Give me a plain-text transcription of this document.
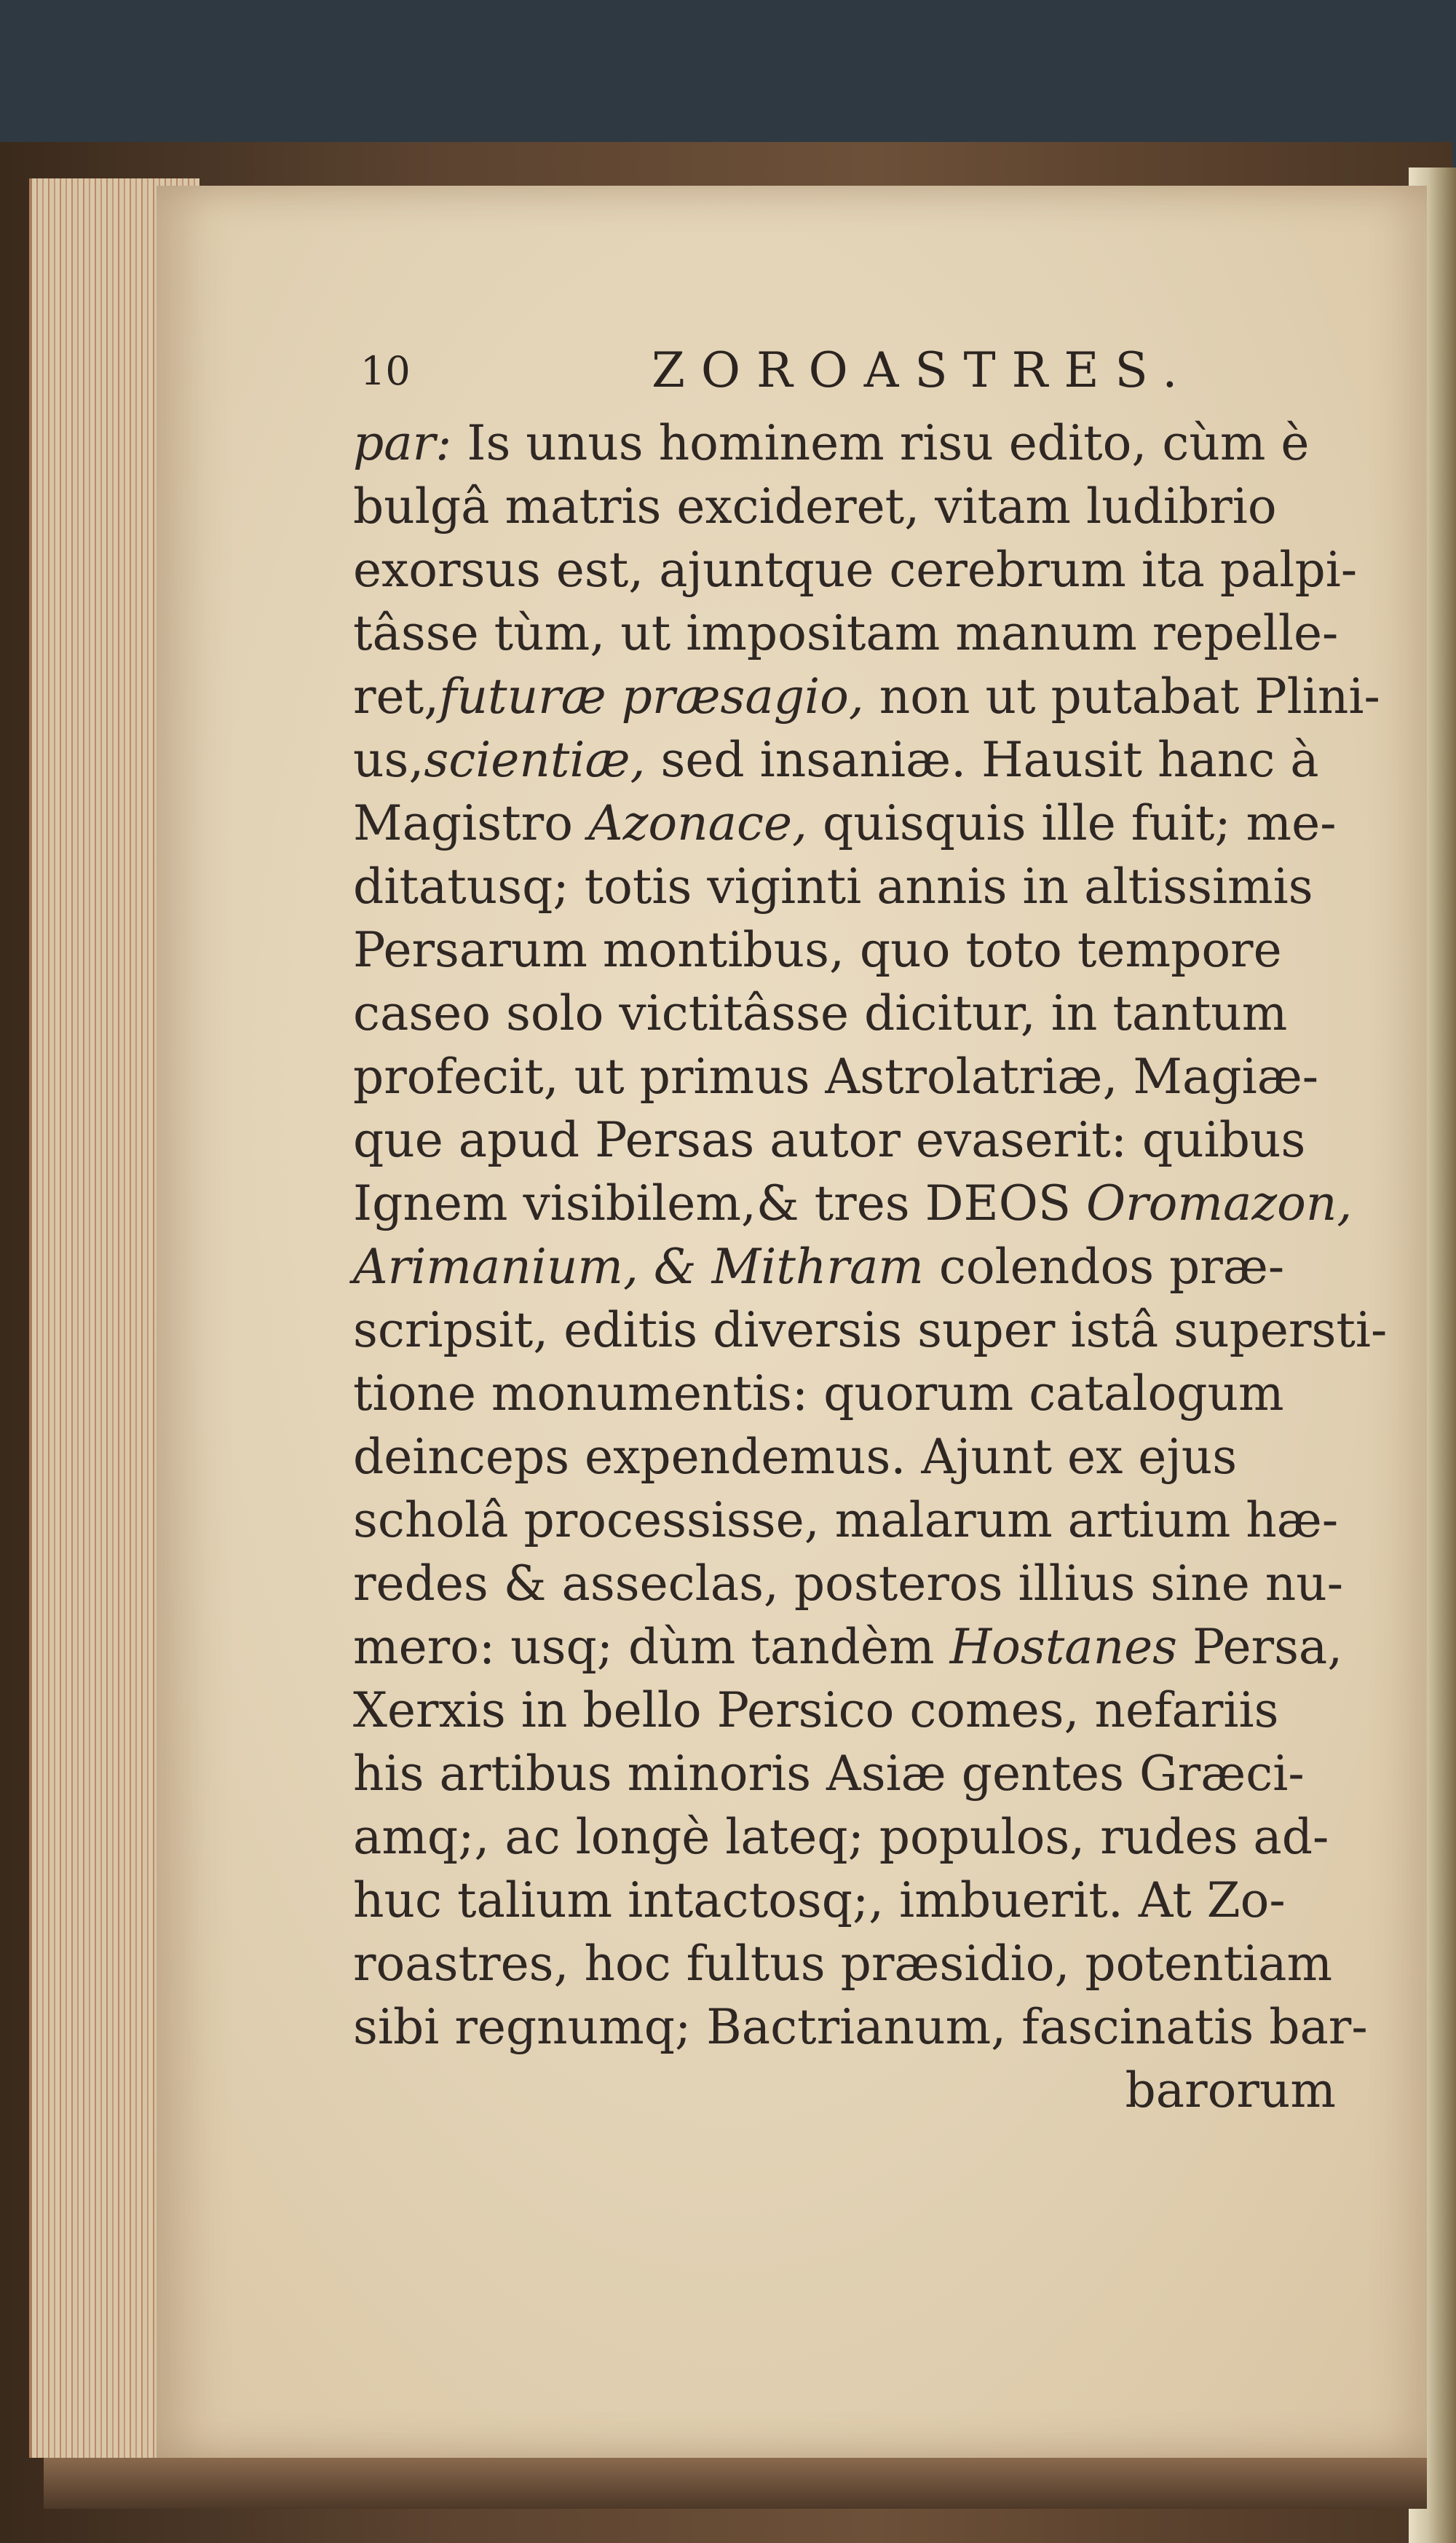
10	ZOROASTRES.
par: Is unus hominem risu edito, cùm è
bulgâ matris excideret, vitam ludibrio
exorsus est, ajuntque cerebrum ita palpi-
tâsse tùm, ut impositam manum repelle-
ret,futuræ præsagio, non ut putabat Plini-
us,scientiæ, sed insaniæ. Hausit hanc à
Magistro Azonace, quisquis ille fuit; me-
ditatusq; totis viginti annis in altissimis
Persarum montibus, quo toto tempore
caseo solo victitâsse dicitur, in tantum
profecit, ut primus Astrolatriæ, Magiæ-
que apud Persas autor evaserit: quibus
Ignem visibilem,& tres DEOS Oromazon,
Arimanium, & Mithram colendos præ-
scripsit, editis diversis super istâ supersti-
tione monumentis: quorum catalogum
deinceps expendemus. Ajunt ex ejus
scholâ processisse, malarum artium hæ-
redes & asseclas, posteros illius sine nu-
mero: usq; dùm tandèm Hostanes Persa,
Xerxis in bello Persico comes, nefariis
his artibus minoris Asiæ gentes Græci-
amq;, ac longè lateq; populos, rudes ad-
huc talium intactosq;, imbuerit. At Zo-
roastres, hoc fultus præsidio, potentiam
sibi regnumq; Bactrianum, fascinatis bar-
barorum
